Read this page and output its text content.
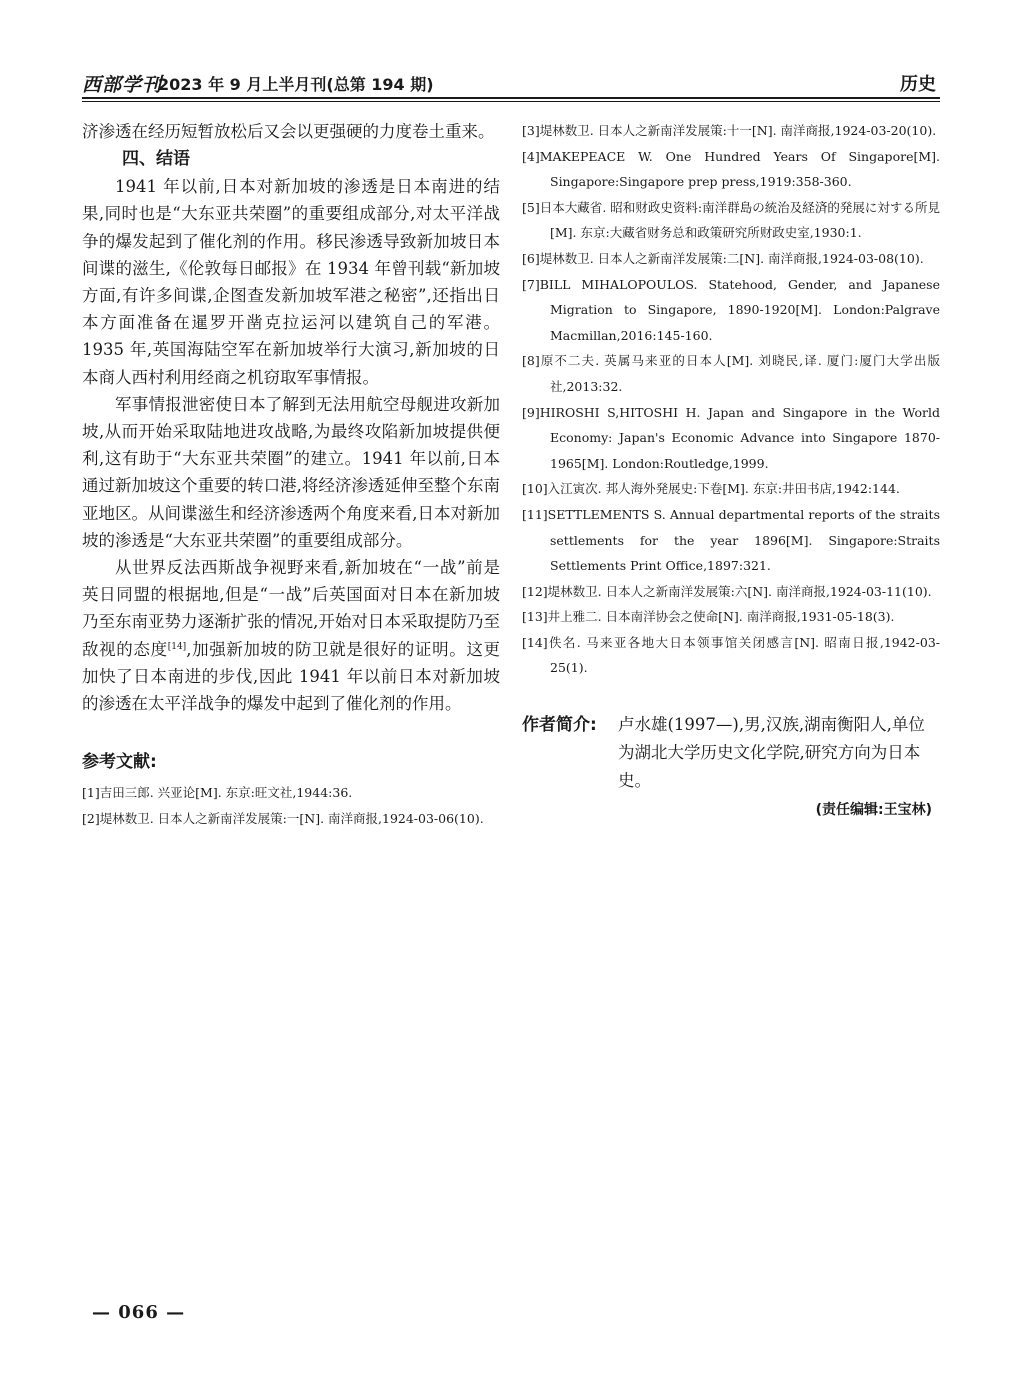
西部学刊
2023 年 9 月上半月刊(总第 194 期)	历史

济渗透在经历短暂放松后又会以更强硬的力度卷土重来。

四、结语

1941 年以前,日本对新加坡的渗透是日本南进的结果,同时也是“大东亚共荣圈”的重要组成部分,对太平洋战争的爆发起到了催化剂的作用。移民渗透导致新加坡日本间谍的滋生,《伦敦每日邮报》在 1934 年曾刊载“新加坡方面,有许多间谍,企图查发新加坡军港之秘密”,还指出日本方面准备在暹罗开凿克拉运河以建筑自己的军港。1935 年,英国海陆空军在新加坡举行大演习,新加坡的日本商人西村利用经商之机窃取军事情报。

军事情报泄密使日本了解到无法用航空母舰进攻新加坡,从而开始采取陆地进攻战略,为最终攻陷新加坡提供便利,这有助于“大东亚共荣圈”的建立。1941 年以前,日本通过新加坡这个重要的转口港,将经济渗透延伸至整个东南亚地区。从间谍滋生和经济渗透两个角度来看,日本对新加坡的渗透是“大东亚共荣圈”的重要组成部分。

从世界反法西斯战争视野来看,新加坡在“一战”前是英日同盟的根据地,但是“一战”后英国面对日本在新加坡乃至东南亚势力逐渐扩张的情况,开始对日本采取提防乃至敌视的态度[14],加强新加坡的防卫就是很好的证明。这更加快了日本南进的步伐,因此 1941 年以前日本对新加坡的渗透在太平洋战争的爆发中起到了催化剂的作用。

参考文献:
[1]吉田三郎. 兴亚论[M]. 东京:旺文社,1944:36.
[2]堤林数卫. 日本人之新南洋发展策:一[N]. 南洋商报,1924-03-06(10).
[3]堤林数卫. 日本人之新南洋发展策:十一[N]. 南洋商报,1924-03-20(10).
[4]MAKEPEACE W. One Hundred Years Of Singapore[M]. Singapore:Singapore prep press,1919:358-360.
[5]日本大藏省. 昭和财政史资料:南洋群島の統治及経済的発展に対する所見[M]. 东京:大藏省财务总和政策研究所财政史室,1930:1.
[6]堤林数卫. 日本人之新南洋发展策:二[N]. 南洋商报,1924-03-08(10).
[7]BILL MIHALOPOULOS. Statehood, Gender, and Japanese Migration to Singapore, 1890-1920[M]. London:Palgrave Macmillan,2016:145-160.
[8]原不二夫. 英属马来亚的日本人[M]. 刘晓民,译. 厦门:厦门大学出版社,2013:32.
[9]HIROSHI S,HITOSHI H. Japan and Singapore in the World Economy: Japan's Economic Advance into Singapore 1870-1965[M]. London:Routledge,1999.
[10]入江寅次. 邦人海外発展史:下卷[M]. 东京:井田书店,1942:144.
[11]SETTLEMENTS S. Annual departmental reports of the straits settlements for the year 1896[M]. Singapore:Straits Settlements Print Office,1897:321.
[12]堤林数卫. 日本人之新南洋发展策:六[N]. 南洋商报,1924-03-11(10).
[13]井上雅二. 日本南洋协会之使命[N]. 南洋商报,1931-05-18(3).
[14]佚名. 马来亚各地大日本领事馆关闭感言[N]. 昭南日报,1942-03-25(1).
作者简介: 卢水雄(1997—),男,汉族,湖南衡阳人,单位为湖北大学历史文化学院,研究方向为日本史。
(责任编辑:王宝林)
— 066 —
